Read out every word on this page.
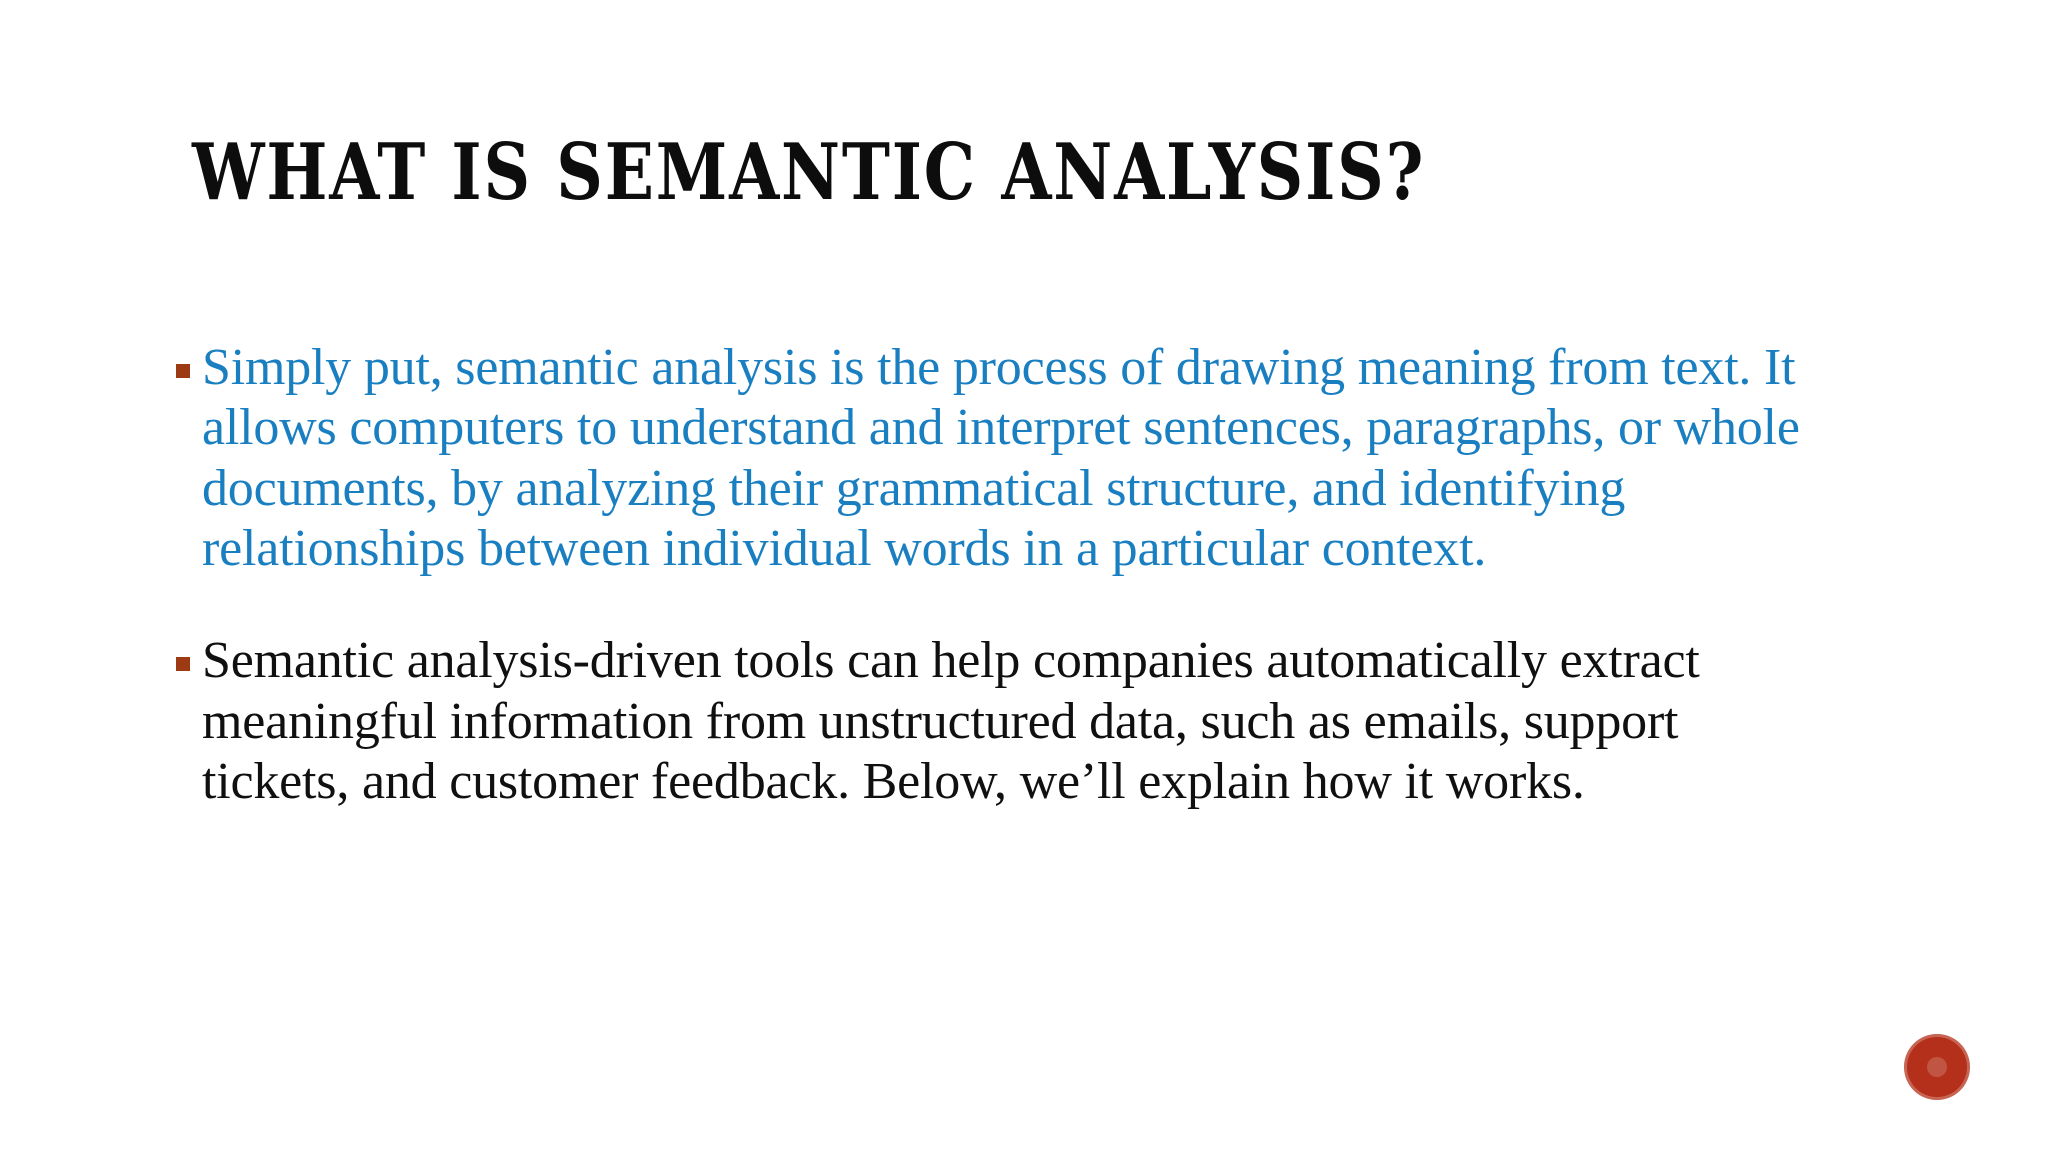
WHAT IS SEMANTIC ANALYSIS?
Simply put, semantic analysis is the process of drawing meaning from text. It allows computers to understand and interpret sentences, paragraphs, or whole documents, by analyzing their grammatical structure, and identifying relationships between individual words in a particular context.
Semantic analysis-driven tools can help companies automatically extract meaningful information from unstructured data, such as emails, support tickets, and customer feedback. Below, we’ll explain how it works.
